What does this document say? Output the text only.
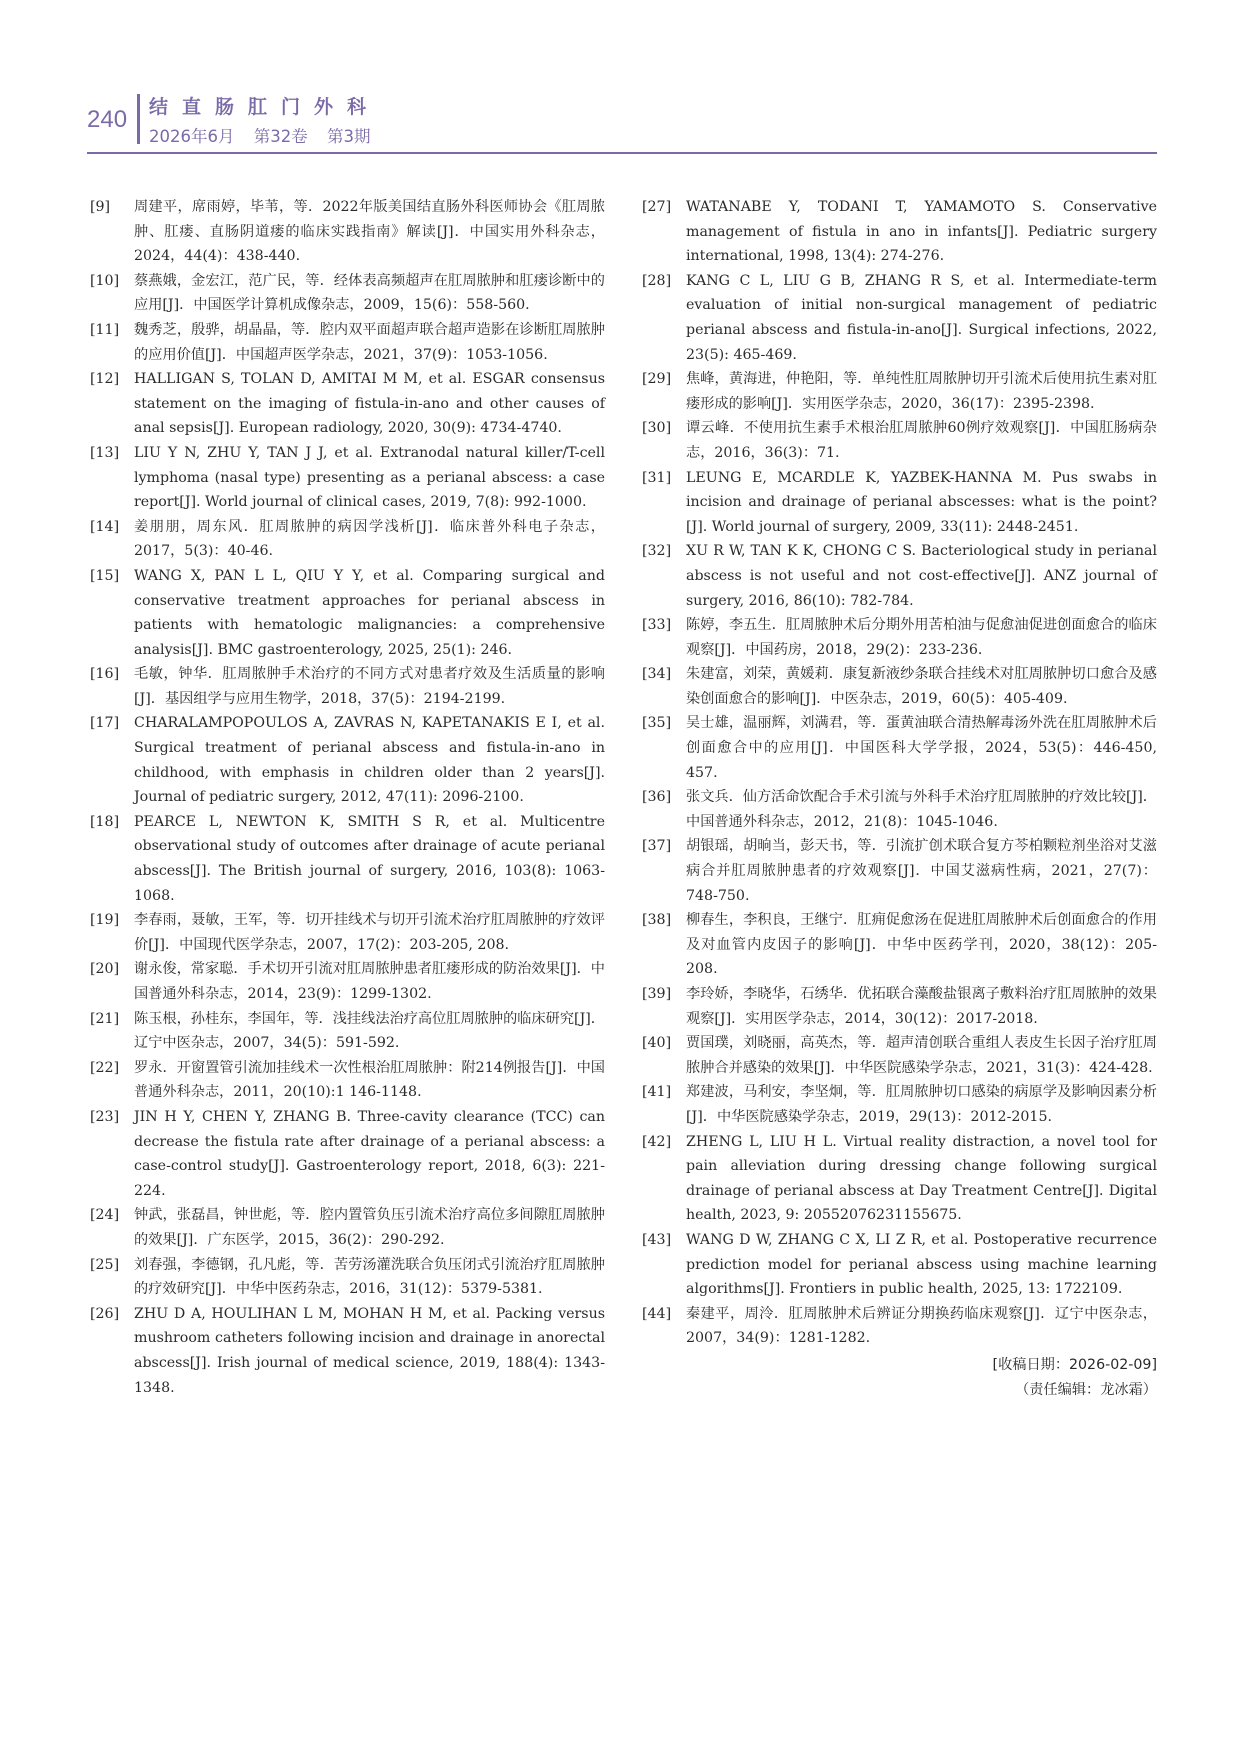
240 结直肠肛门外科
2026年6月 第32卷 第3期
[9]	周建平，席雨婷，毕苇，等．2022年版美国结直肠外科医师协会《肛周脓肿、肛瘘、直肠阴道瘘的临床实践指南》解读[J]．中国实用外科杂志，2024，44(4)：438-440.
[10]	蔡燕娥，金宏江，范广民，等．经体表高频超声在肛周脓肿和肛瘘诊断中的应用[J]．中国医学计算机成像杂志，2009，15(6)：558-560.
[11]	魏秀芝，殷骅，胡晶晶，等．腔内双平面超声联合超声造影在诊断肛周脓肿的应用价值[J]．中国超声医学杂志，2021，37(9)：1053-1056.
[12]	HALLIGAN S, TOLAN D, AMITAI M M, et al. ESGAR consensus statement on the imaging of fistula-in-ano and other causes of anal sepsis[J]. European radiology, 2020, 30(9): 4734-4740.
[13]	LIU Y N, ZHU Y, TAN J J, et al. Extranodal natural killer/T-cell lymphoma (nasal type) presenting as a perianal abscess: a case report[J]. World journal of clinical cases, 2019, 7(8): 992-1000.
[14]	姜朋朋，周东风．肛周脓肿的病因学浅析[J]．临床普外科电子杂志，2017，5(3)：40-46.
[15]	WANG X, PAN L L, QIU Y Y, et al. Comparing surgical and conservative treatment approaches for perianal abscess in patients with hematologic malignancies: a comprehensive analysis[J]. BMC gastroenterology, 2025, 25(1): 246.
[16]	毛敏，钟华．肛周脓肿手术治疗的不同方式对患者疗效及生活质量的影响[J]．基因组学与应用生物学，2018，37(5)：2194-2199.
[17]	CHARALAMPOPOULOS A, ZAVRAS N, KAPETANAKIS E I, et al. Surgical treatment of perianal abscess and fistula-in-ano in childhood, with emphasis in children older than 2 years[J]. Journal of pediatric surgery, 2012, 47(11): 2096-2100.
[18]	PEARCE L, NEWTON K, SMITH S R, et al. Multicentre observational study of outcomes after drainage of acute perianal abscess[J]. The British journal of surgery, 2016, 103(8): 1063-1068.
[19]	李春雨，聂敏，王军，等．切开挂线术与切开引流术治疗肛周脓肿的疗效评价[J]．中国现代医学杂志，2007，17(2)：203-205, 208.
[20]	谢永俊，常家聪．手术切开引流对肛周脓肿患者肛瘘形成的防治效果[J]．中国普通外科杂志，2014，23(9)：1299-1302.
[21]	陈玉根，孙桂东，李国年，等．浅挂线法治疗高位肛周脓肿的临床研究[J]．辽宁中医杂志，2007，34(5)：591-592.
[22]	罗永．开窗置管引流加挂线术一次性根治肛周脓肿：附214例报告[J]．中国普通外科杂志，2011，20(10):1 146-1148.
[23]	JIN H Y, CHEN Y, ZHANG B. Three-cavity clearance (TCC) can decrease the fistula rate after drainage of a perianal abscess: a case-control study[J]. Gastroenterology report, 2018, 6(3): 221-224.
[24]	钟武，张磊昌，钟世彪，等．腔内置管负压引流术治疗高位多间隙肛周脓肿的效果[J]．广东医学，2015，36(2)：290-292.
[25]	刘春强，李德钢，孔凡彪，等．苦劳汤灌洗联合负压闭式引流治疗肛周脓肿的疗效研究[J]．中华中医药杂志，2016，31(12)：5379-5381.
[26]	ZHU D A, HOULIHAN L M, MOHAN H M, et al. Packing versus mushroom catheters following incision and drainage in anorectal abscess[J]. Irish journal of medical science, 2019, 188(4): 1343-1348.
[27]	WATANABE Y, TODANI T, YAMAMOTO S. Conservative management of fistula in ano in infants[J]. Pediatric surgery international, 1998, 13(4): 274-276.
[28]	KANG C L, LIU G B, ZHANG R S, et al. Intermediate-term evaluation of initial non-surgical management of pediatric perianal abscess and fistula-in-ano[J]. Surgical infections, 2022, 23(5): 465-469.
[29]	焦峰，黄海进，仲艳阳，等．单纯性肛周脓肿切开引流术后使用抗生素对肛瘘形成的影响[J]．实用医学杂志，2020，36(17)：2395-2398.
[30]	谭云峰．不使用抗生素手术根治肛周脓肿60例疗效观察[J]．中国肛肠病杂志，2016，36(3)：71.
[31]	LEUNG E, MCARDLE K, YAZBEK-HANNA M. Pus swabs in incision and drainage of perianal abscesses: what is the point? [J]. World journal of surgery, 2009, 33(11): 2448-2451.
[32]	XU R W, TAN K K, CHONG C S. Bacteriological study in perianal abscess is not useful and not cost-effective[J]. ANZ journal of surgery, 2016, 86(10): 782-784.
[33]	陈婷，李五生．肛周脓肿术后分期外用苦柏油与促愈油促进创面愈合的临床观察[J]．中国药房，2018，29(2)：233-236.
[34]	朱建富，刘荣，黄媛莉．康复新液纱条联合挂线术对肛周脓肿切口愈合及感染创面愈合的影响[J]．中医杂志，2019，60(5)：405-409.
[35]	吴士雄，温丽辉，刘满君，等．蛋黄油联合清热解毒汤外洗在肛周脓肿术后创面愈合中的应用[J]．中国医科大学学报，2024，53(5)：446-450, 457.
[36]	张文兵．仙方活命饮配合手术引流与外科手术治疗肛周脓肿的疗效比较[J]．中国普通外科杂志，2012，21(8)：1045-1046.
[37]	胡银瑶，胡晌当，彭天书，等．引流扩创术联合复方芩柏颗粒剂坐浴对艾滋病合并肛周脓肿患者的疗效观察[J]．中国艾滋病性病，2021，27(7)：748-750.
[38]	柳春生，李积良，王继宁．肛痈促愈汤在促进肛周脓肿术后创面愈合的作用及对血管内皮因子的影响[J]．中华中医药学刊，2020，38(12)：205-208.
[39]	李玲娇，李晓华，石绣华．优拓联合藻酸盐银离子敷料治疗肛周脓肿的效果观察[J]．实用医学杂志，2014，30(12)：2017-2018.
[40]	贾国璞，刘晓丽，高英杰，等．超声清创联合重组人表皮生长因子治疗肛周脓肿合并感染的效果[J]．中华医院感染学杂志，2021，31(3)：424-428.
[41]	郑建波，马利安，李坚炯，等．肛周脓肿切口感染的病原学及影响因素分析[J]．中华医院感染学杂志，2019，29(13)：2012-2015.
[42]	ZHENG L, LIU H L. Virtual reality distraction, a novel tool for pain alleviation during dressing change following surgical drainage of perianal abscess at Day Treatment Centre[J]. Digital health, 2023, 9: 20552076231155675.
[43]	WANG D W, ZHANG C X, LI Z R, et al. Postoperative recurrence prediction model for perianal abscess using machine learning algorithms[J]. Frontiers in public health, 2025, 13: 1722109.
[44]	秦建平，周泠．肛周脓肿术后辨证分期换药临床观察[J]．辽宁中医杂志，2007，34(9)：1281-1282.
[收稿日期：2026-02-09]
（责任编辑：龙冰霜）
